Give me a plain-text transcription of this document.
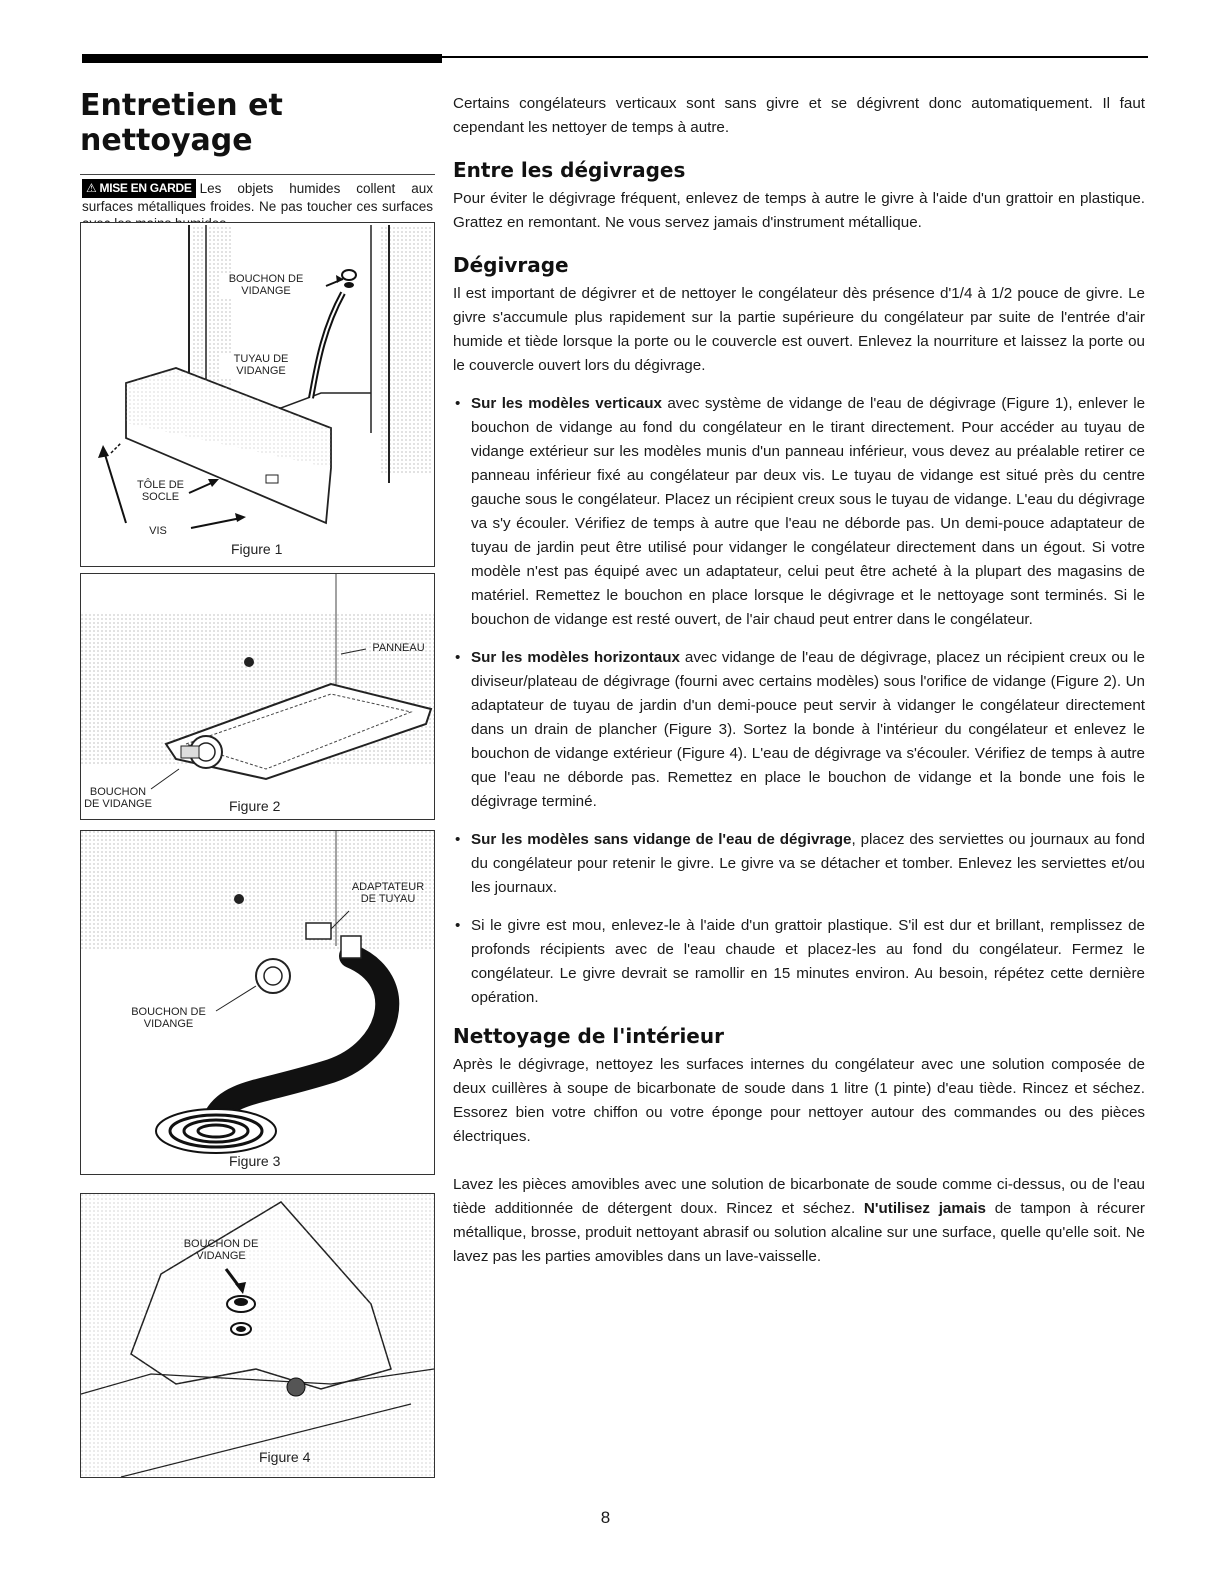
Entretien et nettoyage
⚠ MISE EN GARDE Les objets humides collent aux surfaces métalliques froides. Ne pas toucher ces surfaces
BOUCHON DE VIDANGE
TUYAU DE VIDANGE
TÔLE DE SOCLE
VIS
Figure 1
PANNEAU
BOUCHON DE VIDANGE	Figure 2
ADAPTATEUR DE TUYAU
BOUCHON DE VIDANGE
Figure 3
BOUCHON DE VIDANGE
Figure 4

Certains congélateurs verticaux sont sans givre et se dégivrent donc automatiquement. Il faut cependant les nettoyer de temps à autre.

Entre les dégivrages

Pour éviter le dégivrage fréquent, enlevez de temps à autre le givre à l'aide d'un grattoir en plastique. Grattez en remontant. Ne vous servez jamais d'instrument métallique.

Dégivrage

Il est important de dégivrer et de nettoyer le congélateur dès présence d'1/4 à 1/2 pouce de givre. Le givre s'accumule plus rapidement sur la partie supérieure du congélateur par suite de l'entrée d'air humide et tiède lorsque la porte ou le couvercle est ouvert. Enlevez la nourriture et laissez la porte ou le couvercle ouvert lors du dégivrage.

• Sur les modèles verticaux avec système de vidange de l'eau de dégivrage (Figure 1), enlever le bouchon de vidange au fond du congélateur en le tirant directement. Pour accéder au tuyau de vidange extérieur sur les modèles munis d'un panneau inférieur, vous devez au préalable retirer ce panneau inférieur fixé au congélateur par deux vis. Le tuyau de vidange est situé près du centre gauche sous le congélateur. Placez un récipient creux sous le tuyau de vidange. L'eau du dégivrage va s'y écouler. Vérifiez de temps à autre que l'eau ne déborde pas. Un demi-pouce adaptateur de tuyau de jardin peut être utilisé pour vidanger le congélateur directement dans un égout. Si votre modèle n'est pas équipé avec un adaptateur, celui peut être acheté à la plupart des magasins de matériel. Remettez le bouchon en place lorsque le dégivrage et le nettoyage sont terminés. Si le bouchon de vidange est resté ouvert, de l'air chaud peut entrer dans le congélateur.
• Sur les modèles horizontaux avec vidange de l'eau de dégivrage, placez un récipient creux ou le diviseur/plateau de dégivrage (fourni avec certains modèles) sous l'orifice de vidange (Figure 2). Un adaptateur de tuyau de jardin d'un demi-pouce peut servir à vidanger le congélateur directement dans un drain de plancher (Figure 3). Sortez la bonde à l'intérieur du congélateur et enlevez le bouchon de vidange extérieur (Figure 4). L'eau de dégivrage va s'écouler. Vérifiez de temps à autre que l'eau ne déborde pas. Remettez en place le bouchon de vidange et la bonde une fois le dégivrage terminé.
• Sur les modèles sans vidange de l'eau de dégivrage, placez des serviettes ou journaux au fond du congélateur pour retenir le givre. Le givre va se détacher et tomber. Enlevez les serviettes et/ou les journaux.
• Si le givre est mou, enlevez-le à l'aide d'un grattoir plastique. S'il est dur et brillant, remplissez de profonds récipients avec de l'eau chaude et placez-les au fond du congélateur. Fermez le congélateur. Le givre devrait se ramollir en 15 minutes environ. Au besoin, répétez cette dernière opération.
Nettoyage de l'intérieur

Après le dégivrage, nettoyez les surfaces internes du congélateur avec une solution composée de deux cuillères à soupe de bicarbonate de soude dans 1 litre (1 pinte) d'eau tiède. Rincez et séchez. Essorez bien votre chiffon ou votre éponge pour nettoyer autour des commandes ou des pièces électriques.

Lavez les pièces amovibles avec une solution de bicarbonate de soude comme ci-dessus, ou de l'eau tiède additionnée de détergent doux. Rincez et séchez. N'utilisez jamais de tampon à récurer métallique, brosse, produit nettoyant abrasif ou solution alcaline sur une surface, quelle qu'elle soit. Ne lavez pas les parties amovibles dans un lave-vaisselle.

8
